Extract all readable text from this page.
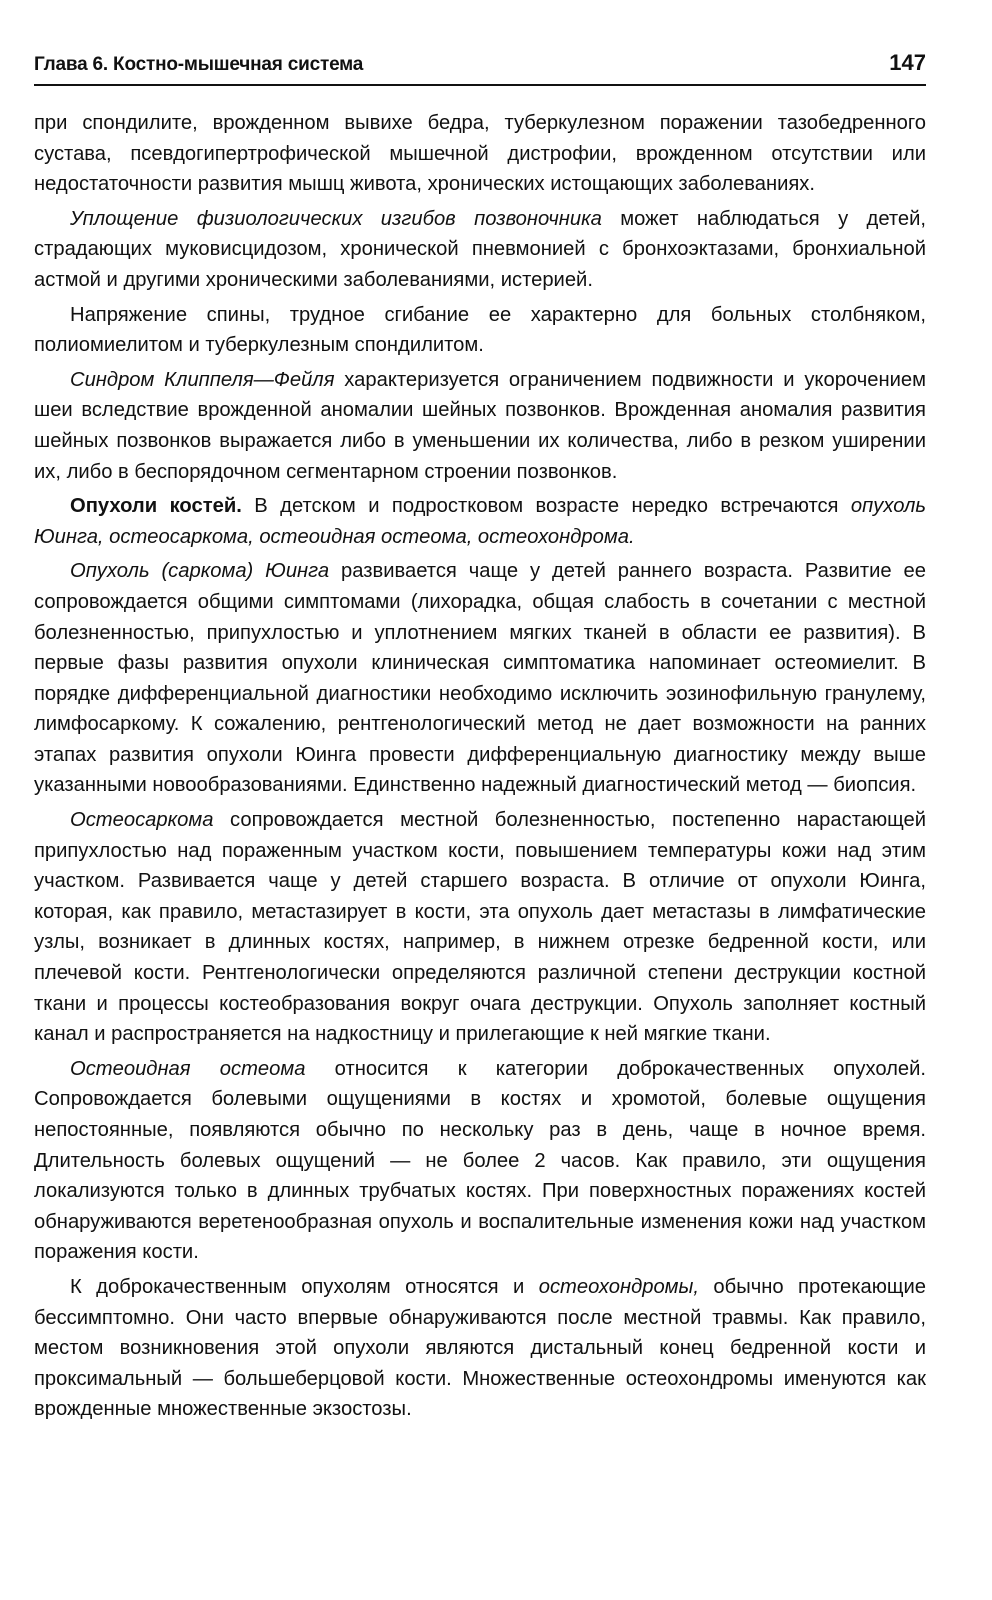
Глава 6. Костно-мышечная система	147

при спондилите, врожденном вывихе бедра, туберкулезном поражении тазобедренного сустава, псевдогипертрофической мышечной дистрофии, врожденном отсутствии или недостаточности развития мышц живота, хронических истощающих заболеваниях.

Уплощение физиологических изгибов позвоночника может наблюдаться у детей, страдающих муковисцидозом, хронической пневмонией с бронхоэктазами, бронхиальной астмой и другими хроническими заболеваниями, истерией.

Напряжение спины, трудное сгибание ее характерно для больных столбняком, полиомиелитом и туберкулезным спондилитом.

Синдром Клиппеля—Фейля характеризуется ограничением подвижности и укорочением шеи вследствие врожденной аномалии шейных позвонков. Врожденная аномалия развития шейных позвонков выражается либо в уменьшении их количества, либо в резком уширении их, либо в беспорядочном сегментарном строении позвонков.

Опухоли костей. В детском и подростковом возрасте нередко встречаются опухоль Юинга, остеосаркома, остеоидная остеома, остеохондрома.

Опухоль (саркома) Юинга развивается чаще у детей раннего возраста. Развитие ее сопровождается общими симптомами (лихорадка, общая слабость в сочетании с местной болезненностью, припухлостью и уплотнением мягких тканей в области ее развития). В первые фазы развития опухоли клиническая симптоматика напоминает остеомиелит. В порядке дифференциальной диагностики необходимо исключить эозинофильную гранулему, лимфосаркому. К сожалению, рентгенологический метод не дает возможности на ранних этапах развития опухоли Юинга провести дифференциальную диагностику между выше указанными новообразованиями. Единственно надежный диагностический метод — биопсия.

Остеосаркома сопровождается местной болезненностью, постепенно нарастающей припухлостью над пораженным участком кости, повышением температуры кожи над этим участком. Развивается чаще у детей старшего возраста. В отличие от опухоли Юинга, которая, как правило, метастазирует в кости, эта опухоль дает метастазы в лимфатические узлы, возникает в длинных костях, например, в нижнем отрезке бедренной кости, или плечевой кости. Рентгенологически определяются различной степени деструкции костной ткани и процессы костеобразования вокруг очага деструкции. Опухоль заполняет костный канал и распространяется на надкостницу и прилегающие к ней мягкие ткани.

Остеоидная остеома относится к категории доброкачественных опухолей. Сопровождается болевыми ощущениями в костях и хромотой, болевые ощущения непостоянные, появляются обычно по нескольку раз в день, чаще в ночное время. Длительность болевых ощущений — не более 2 часов. Как правило, эти ощущения локализуются только в длинных трубчатых костях. При поверхностных поражениях костей обнаруживаются веретенообразная опухоль и воспалительные изменения кожи над участком поражения кости.

К доброкачественным опухолям относятся и остеохондромы, обычно протекающие бессимптомно. Они часто впервые обнаруживаются после местной травмы. Как правило, местом возникновения этой опухоли являются дистальный конец бедренной кости и проксимальный — большеберцовой кости. Множественные остеохондромы именуются как врожденные множественные экзостозы.
